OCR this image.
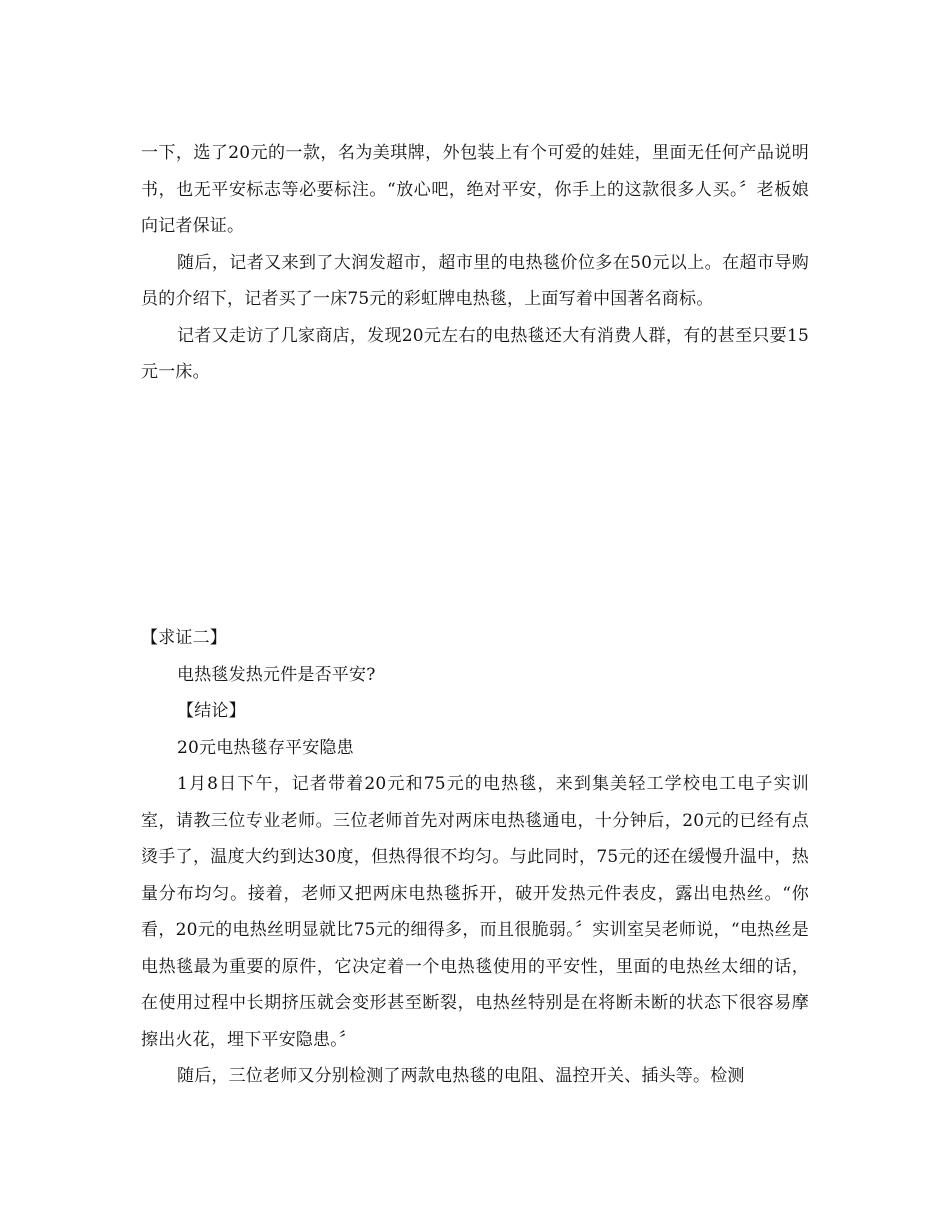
一下，选了20元的一款，名为美琪牌，外包装上有个可爱的娃娃，里面无任何产品说明书，也无平安标志等必要标注。“放心吧，绝对平安，你手上的这款很多人买。〞老板娘向记者保证。

随后，记者又来到了大润发超市，超市里的电热毯价位多在50元以上。在超市导购员的介绍下，记者买了一床75元的彩虹牌电热毯，上面写着中国著名商标。

记者又走访了几家商店，发现20元左右的电热毯还大有消费人群，有的甚至只要15元一床。

【求证二】

电热毯发热元件是否平安?

【结论】

20元电热毯存平安隐患

1月8日下午，记者带着20元和75元的电热毯，来到集美轻工学校电工电子实训室，请教三位专业老师。三位老师首先对两床电热毯通电，十分钟后，20元的已经有点烫手了，温度大约到达30度，但热得很不均匀。与此同时，75元的还在缓慢升温中，热量分布均匀。接着，老师又把两床电热毯拆开，破开发热元件表皮，露出电热丝。“你看，20元的电热丝明显就比75元的细得多，而且很脆弱。〞实训室吴老师说，“电热丝是电热毯最为重要的原件，它决定着一个电热毯使用的平安性，里面的电热丝太细的话，在使用过程中长期挤压就会变形甚至断裂，电热丝特别是在将断未断的状态下很容易摩擦出火花，埋下平安隐患。〞

随后，三位老师又分别检测了两款电热毯的电阻、温控开关、插头等。检测
